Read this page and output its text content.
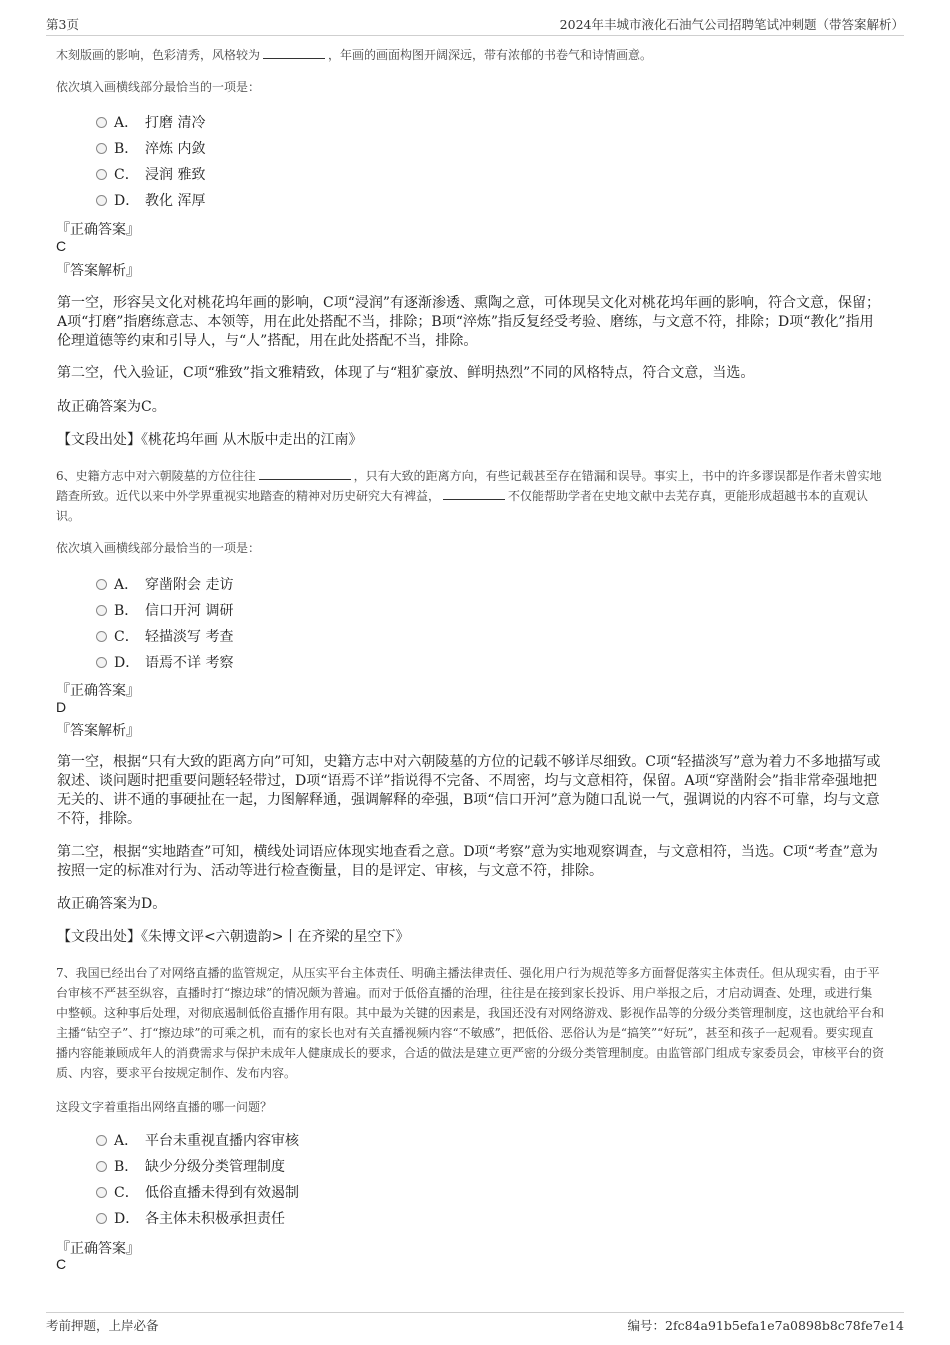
第3页	2024年丰城市液化石油气公司招聘笔试冲刺题（带答案解析）
木刻版画的影响，色彩清秀，风格较为	，年画的画面构图开阔深远，带有浓郁的书卷气和诗情画意。
依次填入画横线部分最恰当的一项是：
A． 打磨 清冷
B． 淬炼 内敛
C． 浸润 雅致
D． 教化 浑厚
『正确答案』
C
『答案解析』
第一空，形容吴文化对桃花坞年画的影响，C项“浸润”有逐渐渗透、熏陶之意，可体现吴文化对桃花坞年画的影响，符合文意，保留；A项“打磨”指磨练意志、本领等，用在此处搭配不当，排除；B项“淬炼”指反复经受考验、磨练，与文意不符，排除；D项“教化”指用伦理道德等约束和引导人，与“人”搭配，用在此处搭配不当，排除。
第二空，代入验证，C项“雅致”指文雅精致，体现了与“粗犷豪放、鲜明热烈”不同的风格特点，符合文意，当选。
故正确答案为C。
【文段出处】《桃花坞年画 从木版中走出的江南》
6、史籍方志中对六朝陵墓的方位往往	，只有大致的距离方向，有些记载甚至存在错漏和误导。事实上，书中的许多谬误都是作者未曾实地踏查所致。近代以来中外学界重视实地踏查的精神对历史研究大有裨益，	不仅能帮助学者在史地文献中去芜存真，更能形成超越书本的直观认识。
依次填入画横线部分最恰当的一项是：
A． 穿凿附会 走访
B． 信口开河 调研
C． 轻描淡写 考查
D． 语焉不详 考察
『正确答案』
D
『答案解析』
第一空，根据“只有大致的距离方向”可知，史籍方志中对六朝陵墓的方位的记载不够详尽细致。C项“轻描淡写”意为着力不多地描写或叙述、谈问题时把重要问题轻轻带过，D项“语焉不详”指说得不完备、不周密，均与文意相符，保留。A项“穿凿附会”指非常牵强地把无关的、讲不通的事硬扯在一起，力图解释通，强调解释的牵强，B项“信口开河”意为随口乱说一气，强调说的内容不可靠，均与文意不符，排除。
第二空，根据“实地踏查”可知，横线处词语应体现实地查看之意。D项“考察”意为实地观察调查，与文意相符，当选。C项“考查”意为按照一定的标准对行为、活动等进行检查衡量，目的是评定、审核，与文意不符，排除。
故正确答案为D。
【文段出处】《朱博文评<六朝遗韵>丨在齐梁的星空下》
7、我国已经出台了对网络直播的监管规定，从压实平台主体责任、明确主播法律责任、强化用户行为规范等多方面督促落实主体责任。但从现实看，由于平台审核不严甚至纵容，直播时打“擦边球”的情况颇为普遍。而对于低俗直播的治理，往往是在接到家长投诉、用户举报之后，才启动调查、处理，或进行集中整顿。这种事后处理，对彻底遏制低俗直播作用有限。其中最为关键的因素是，我国还没有对网络游戏、影视作品等的分级分类管理制度，这也就给平台和主播“钻空子”、打“擦边球”的可乘之机，而有的家长也对有关直播视频内容“不敏感”，把低俗、恶俗认为是“搞笑”“好玩”，甚至和孩子一起观看。要实现直播内容能兼顾成年人的消费需求与保护未成年人健康成长的要求，合适的做法是建立更严密的分级分类管理制度。由监管部门组成专家委员会，审核平台的资质、内容，要求平台按规定制作、发布内容。
这段文字着重指出网络直播的哪一问题？
A． 平台未重视直播内容审核
B． 缺少分级分类管理制度
C． 低俗直播未得到有效遏制
D． 各主体未积极承担责任
『正确答案』
C
考前押题，上岸必备	编号：2fc84a91b5efa1e7a0898b8c78fe7e14
